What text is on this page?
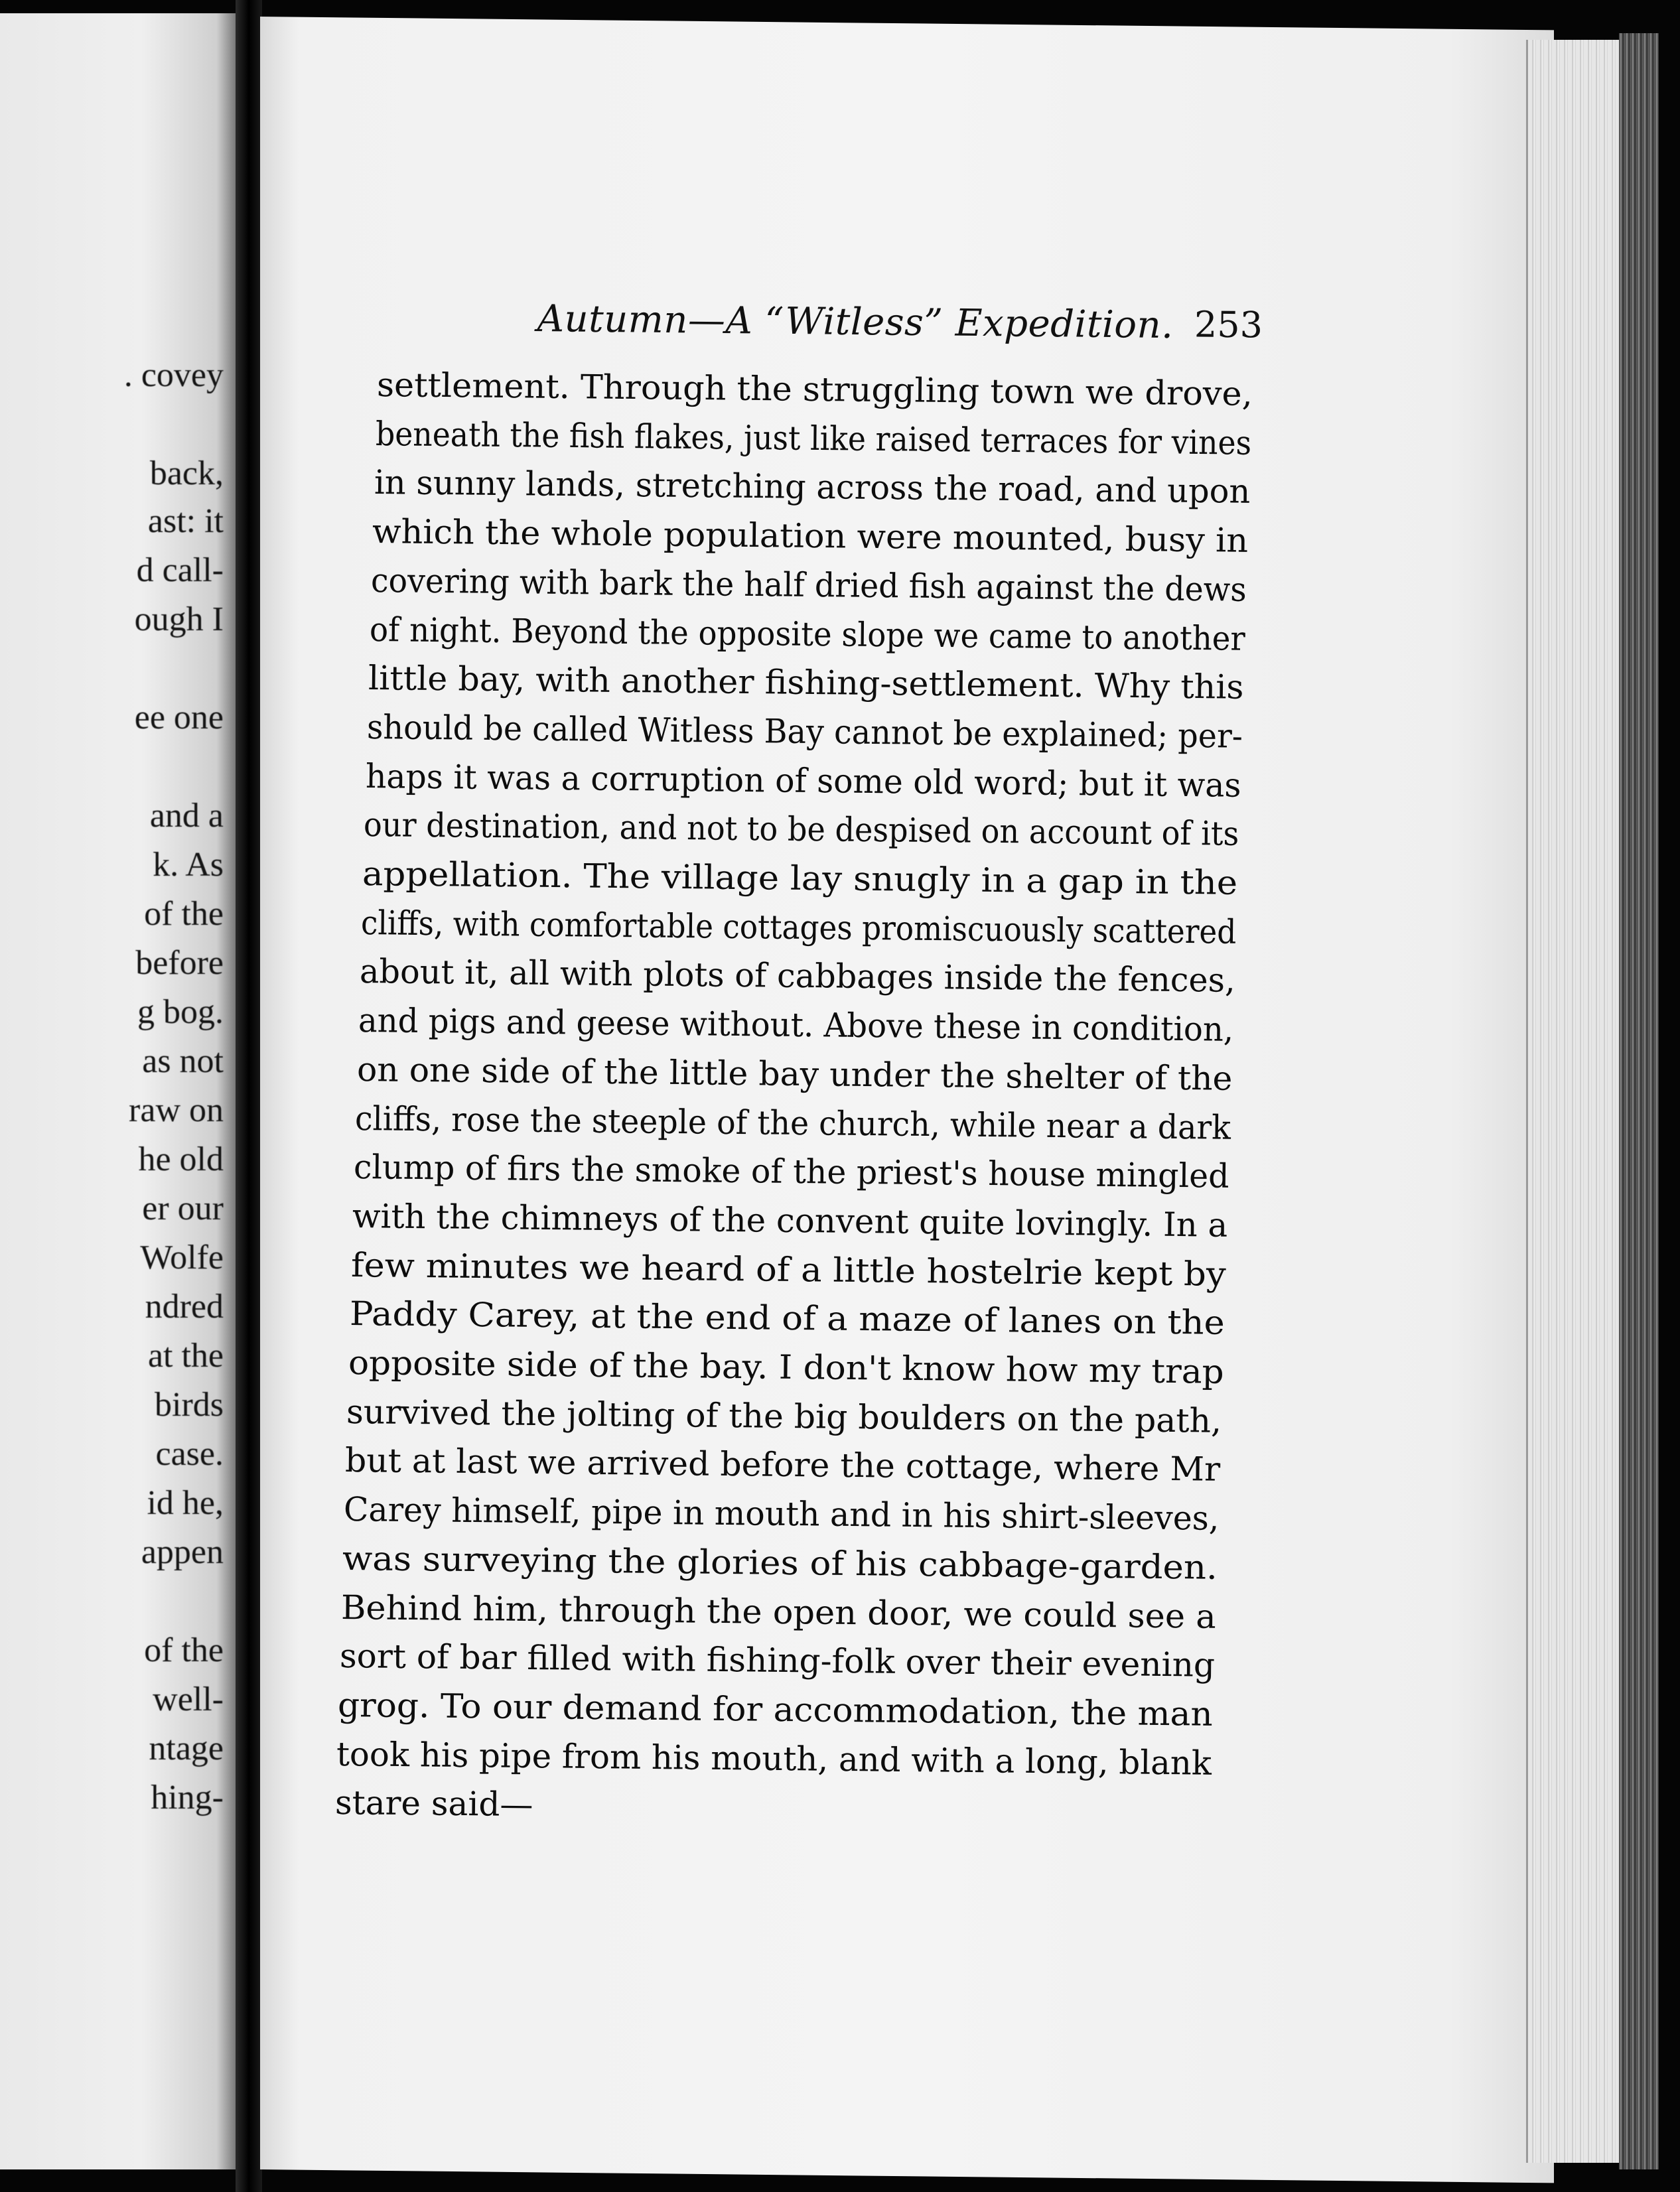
. covey
back,
ast: it
d call-
ough I
ee one
and a
k. As
of the
before
g bog.
as not
raw on
he old
er our
Wolfe
ndred
at the
birds
case.
id he,
appen
of the
well-
ntage
hing-
Autumn—A “Witless” Expedition. 253
settlement. Through the struggling town we drove,
beneath the fish flakes, just like raised terraces for vines
in sunny lands, stretching across the road, and upon
which the whole population were mounted, busy in
covering with bark the half dried fish against the dews
of night. Beyond the opposite slope we came to another
little bay, with another fishing-settlement. Why this
should be called Witless Bay cannot be explained; per-
haps it was a corruption of some old word; but it was
our destination, and not to be despised on account of its
appellation. The village lay snugly in a gap in the
cliffs, with comfortable cottages promiscuously scattered
about it, all with plots of cabbages inside the fences,
and pigs and geese without. Above these in condition,
on one side of the little bay under the shelter of the
cliffs, rose the steeple of the church, while near a dark
clump of firs the smoke of the priest's house mingled
with the chimneys of the convent quite lovingly. In a
few minutes we heard of a little hostelrie kept by
Paddy Carey, at the end of a maze of lanes on the
opposite side of the bay. I don't know how my trap
survived the jolting of the big boulders on the path,
but at last we arrived before the cottage, where Mr
Carey himself, pipe in mouth and in his shirt-sleeves,
was surveying the glories of his cabbage-garden.
Behind him, through the open door, we could see a
sort of bar filled with fishing-folk over their evening
grog. To our demand for accommodation, the man
took his pipe from his mouth, and with a long, blank
stare said—
